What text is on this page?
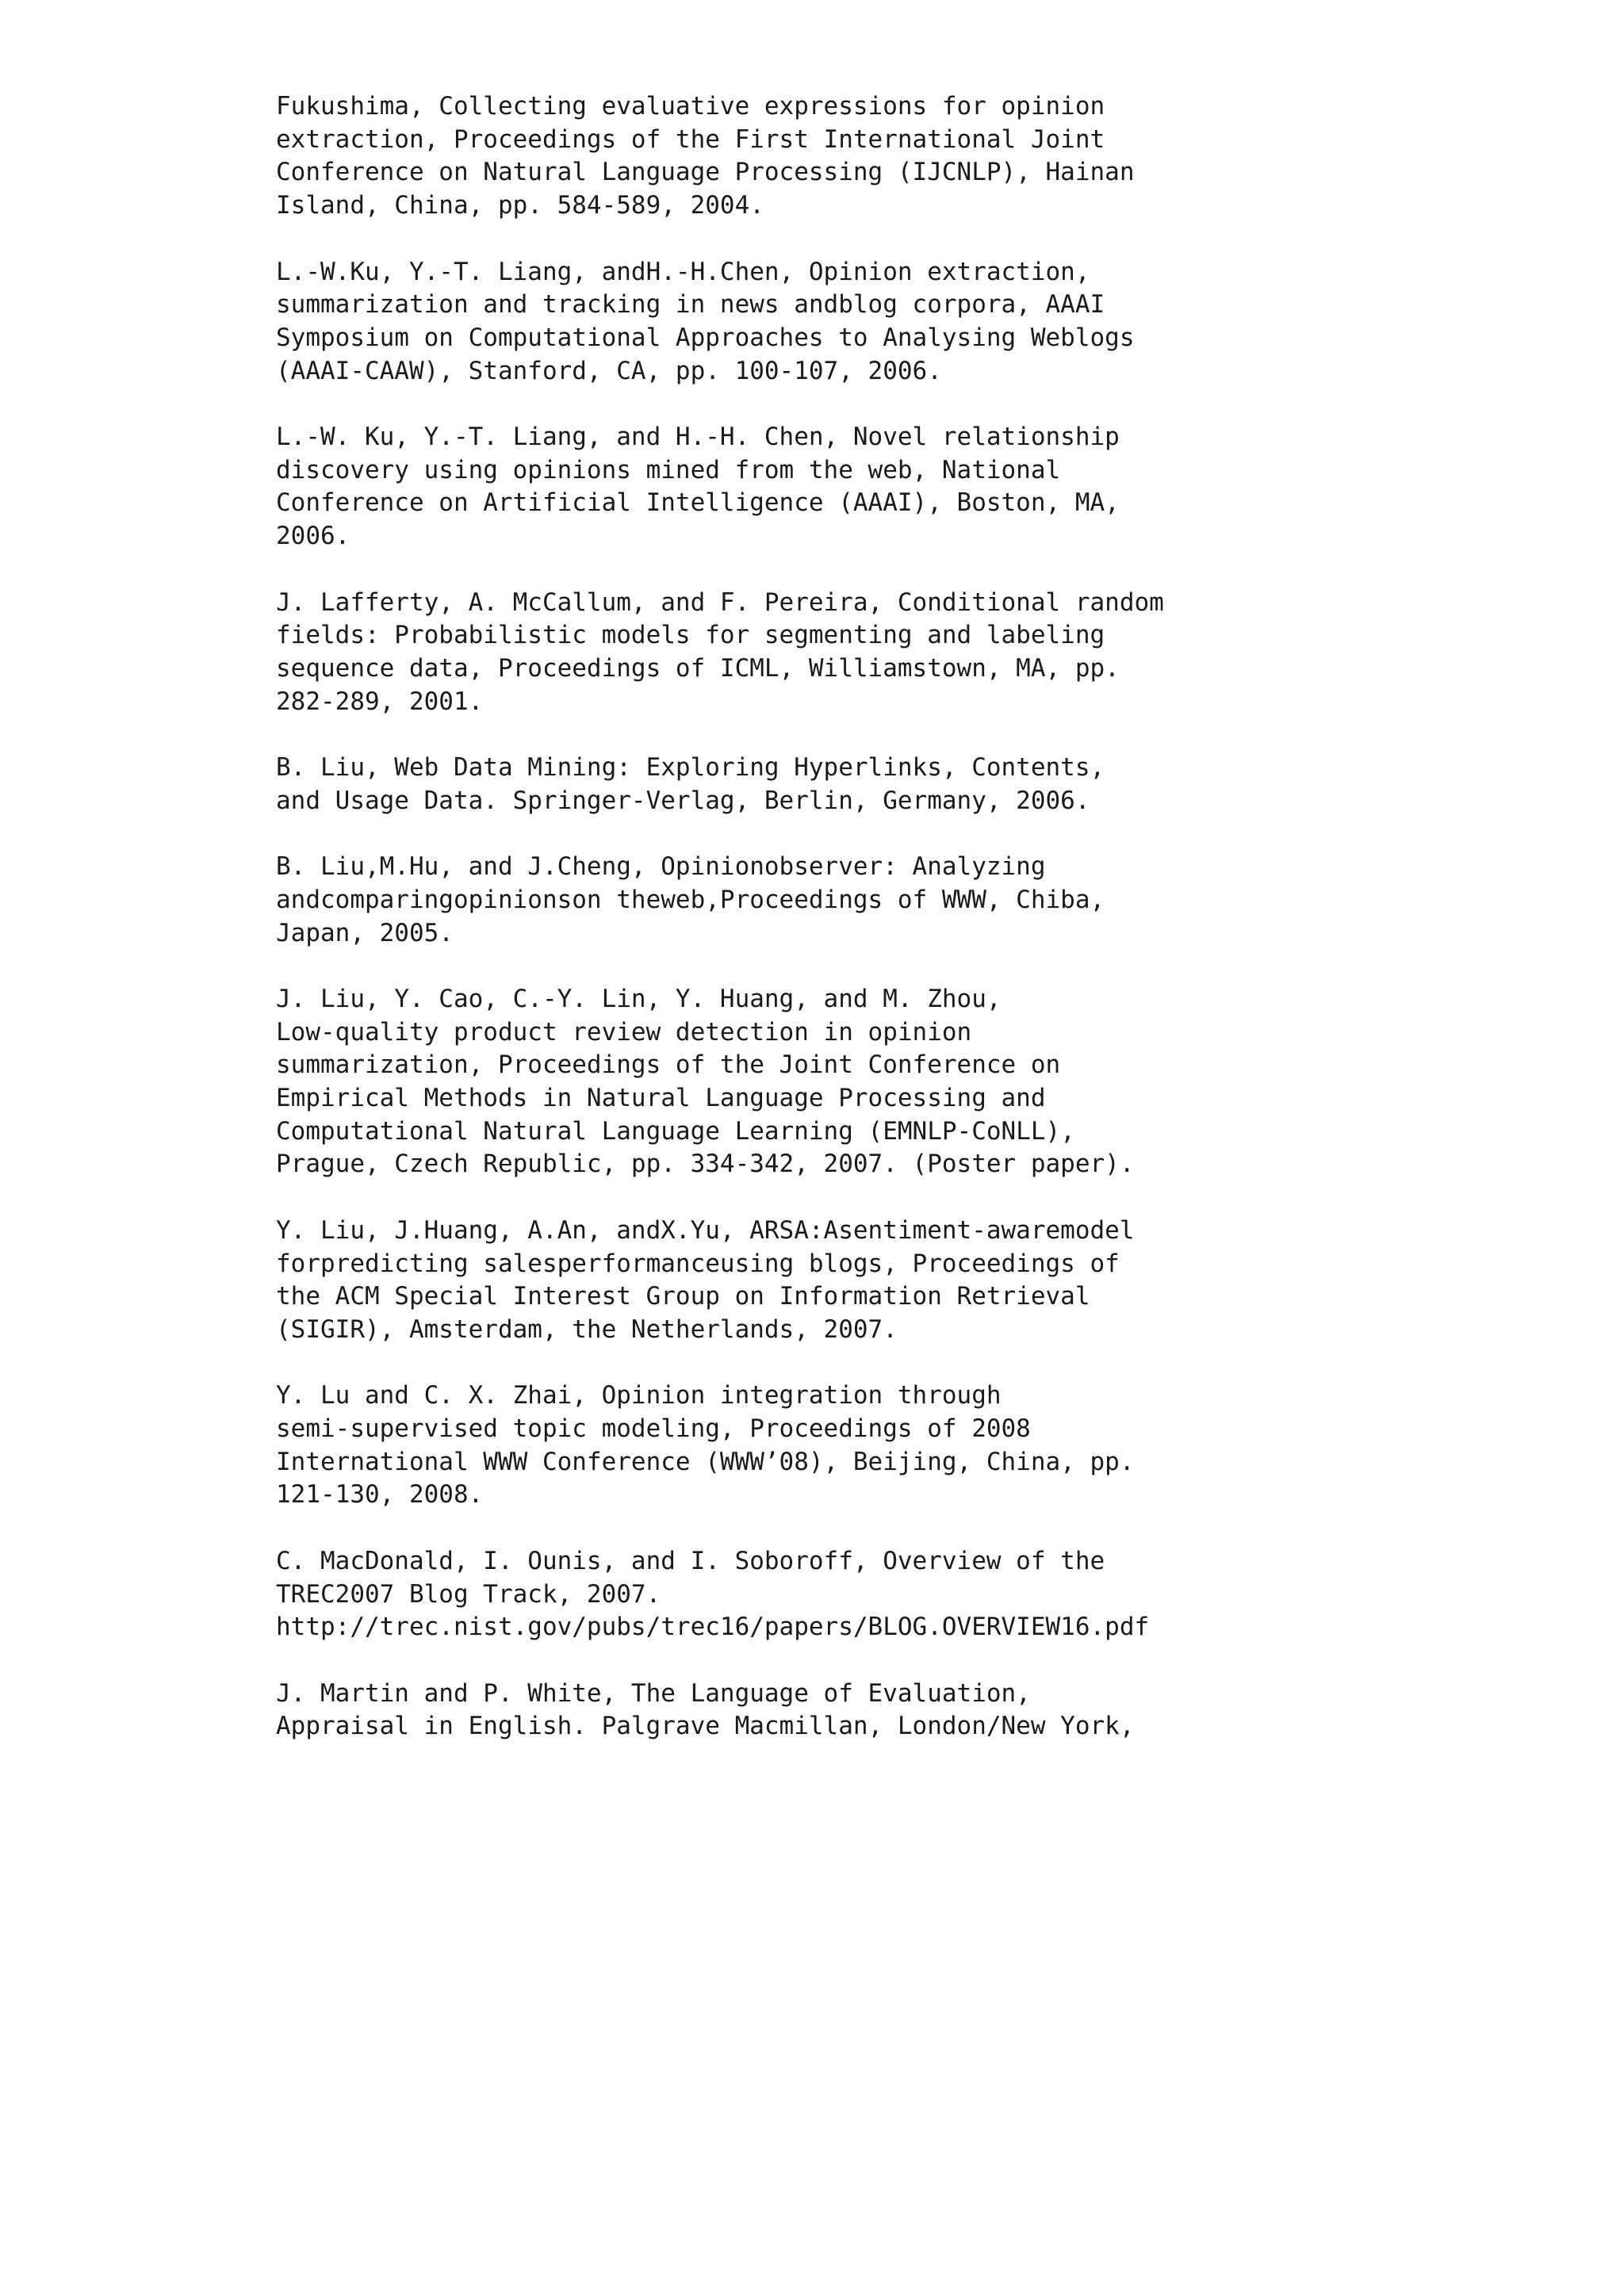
Fukushima, Collecting evaluative expressions for opinion
extraction, Proceedings of the First International Joint
Conference on Natural Language Processing (IJCNLP), Hainan
Island, China, pp. 584-589, 2004.
L.-W.Ku, Y.-T. Liang, andH.-H.Chen, Opinion extraction,
summarization and tracking in news andblog corpora, AAAI
Symposium on Computational Approaches to Analysing Weblogs
(AAAI-CAAW), Stanford, CA, pp. 100-107, 2006.
L.-W. Ku, Y.-T. Liang, and H.-H. Chen, Novel relationship
discovery using opinions mined from the web, National
Conference on Artificial Intelligence (AAAI), Boston, MA,
2006.
J. Lafferty, A. McCallum, and F. Pereira, Conditional random
fields: Probabilistic models for segmenting and labeling
sequence data, Proceedings of ICML, Williamstown, MA, pp.
282-289, 2001.
B. Liu, Web Data Mining: Exploring Hyperlinks, Contents,
and Usage Data. Springer-Verlag, Berlin, Germany, 2006.
B. Liu,M.Hu, and J.Cheng, Opinionobserver: Analyzing
andcomparingopinionson theweb,Proceedings of WWW, Chiba,
Japan, 2005.
J. Liu, Y. Cao, C.-Y. Lin, Y. Huang, and M. Zhou,
Low-quality product review detection in opinion
summarization, Proceedings of the Joint Conference on
Empirical Methods in Natural Language Processing and
Computational Natural Language Learning (EMNLP-CoNLL),
Prague, Czech Republic, pp. 334-342, 2007. (Poster paper).
Y. Liu, J.Huang, A.An, andX.Yu, ARSA:Asentiment-awaremodel
forpredicting salesperformanceusing blogs, Proceedings of
the ACM Special Interest Group on Information Retrieval
(SIGIR), Amsterdam, the Netherlands, 2007.
Y. Lu and C. X. Zhai, Opinion integration through
semi-supervised topic modeling, Proceedings of 2008
International WWW Conference (WWW’08), Beijing, China, pp.
121-130, 2008.
C. MacDonald, I. Ounis, and I. Soboroff, Overview of the
TREC2007 Blog Track, 2007.
http://trec.nist.gov/pubs/trec16/papers/BLOG.OVERVIEW16.pdf
J. Martin and P. White, The Language of Evaluation,
Appraisal in English. Palgrave Macmillan, London/New York,
